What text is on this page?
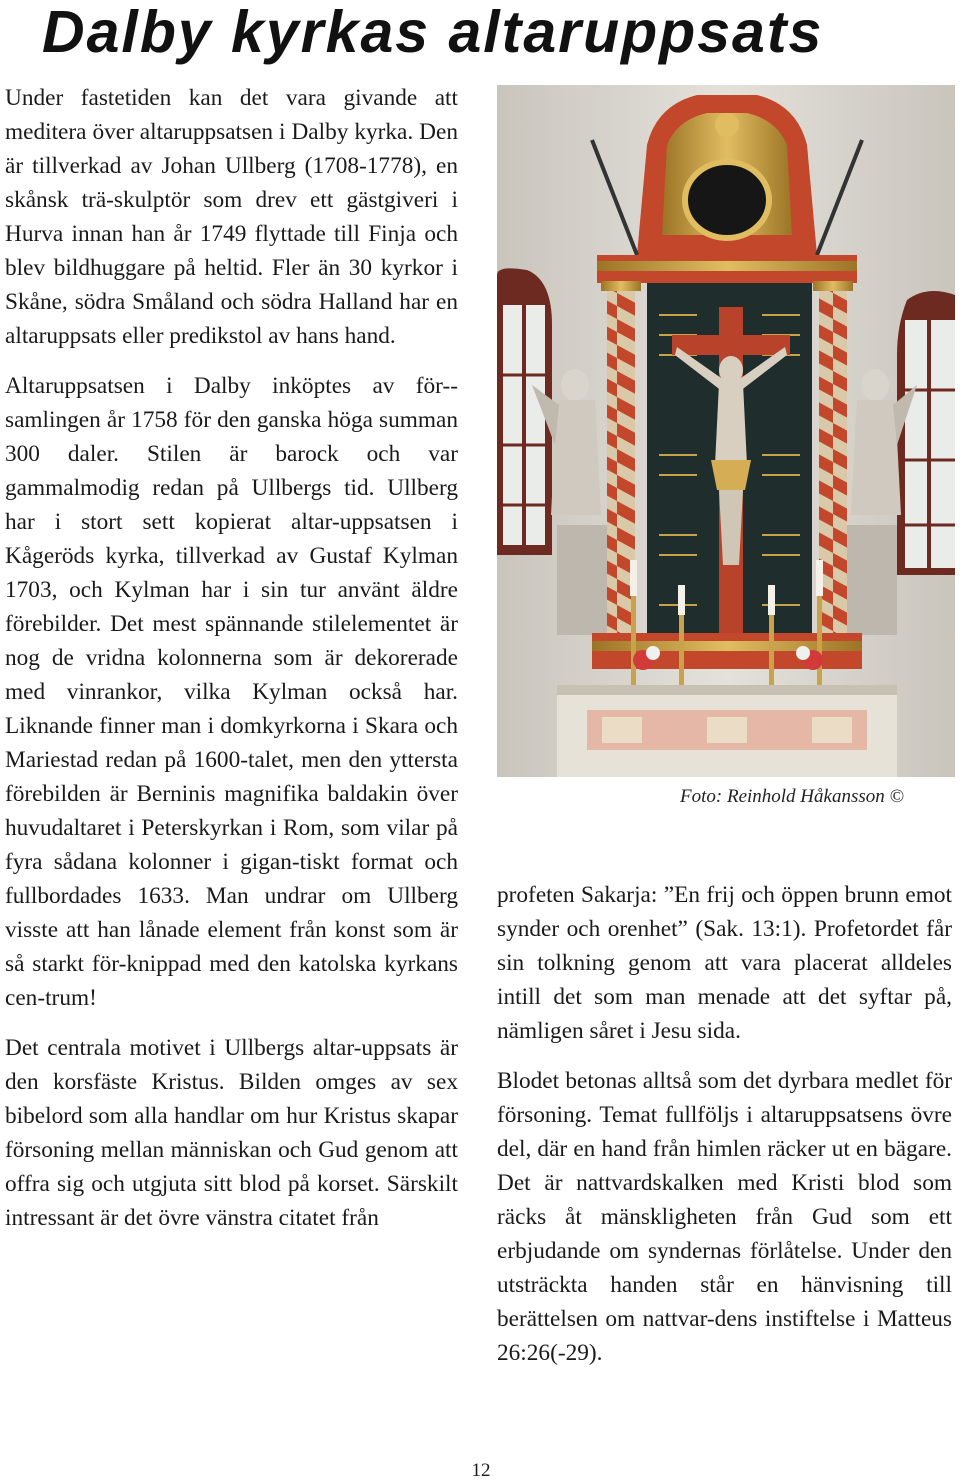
Dalby kyrkas altaruppsats

Under fastetiden kan det vara givande att meditera över altaruppsatsen i Dalby kyrka. Den är tillverkad av Johan Ullberg (1708-1778), en skånsk trä-skulptör som drev ett gästgiveri i Hurva innan han år 1749 flyttade till Finja och blev bildhuggare på heltid. Fler än 30 kyrkor i Skåne, södra Småland och södra Halland har en altaruppsats eller predikstol av hans hand.

Altaruppsatsen i Dalby inköptes av för-samlingen år 1758 för den ganska höga summan 300 daler. Stilen är barock och var gammalmodig redan på Ullbergs tid. Ullberg har i stort sett kopierat altar-uppsatsen i Kågeröds kyrka, tillverkad av Gustaf Kylman 1703, och Kylman har i sin tur använt äldre förebilder. Det mest spännande stilelementet är nog de vridna kolonnerna som är dekorerade med vinrankor, vilka Kylman också har. Liknande finner man i domkyrkorna i Skara och Mariestad redan på 1600-talet, men den yttersta förebilden är Berninis magnifika baldakin över huvudaltaret i Peterskyrkan i Rom, som vilar på fyra sådana kolonner i gigan-tiskt format och fullbordades 1633. Man undrar om Ullberg visste att han lånade element från konst som är så starkt för-knippad med den katolska kyrkans cen-trum!

Det centrala motivet i Ullbergs altar-uppsats är den korsfäste Kristus. Bilden omges av sex bibelord som alla handlar om hur Kristus skapar försoning mellan människan och Gud genom att offra sig och utgjuta sitt blod på korset. Särskilt intressant är det övre vänstra citatet från

Foto: Reinhold Håkansson ©

profeten Sakarja: ”En frij och öppen brunn emot synder och orenhet” (Sak. 13:1). Profetordet får sin tolkning genom att vara placerat alldeles intill det som man menade att det syftar på, nämligen såret i Jesu sida.

Blodet betonas alltså som det dyrbara medlet för försoning. Temat fullföljs i altaruppsatsens övre del, där en hand från himlen räcker ut en bägare. Det är nattvardskalken med Kristi blod som räcks åt mänskligheten från Gud som ett erbjudande om syndernas förlåtelse. Under den utsträckta handen står en hänvisning till berättelsen om nattvar-dens instiftelse i Matteus 26:26(-29).

12
